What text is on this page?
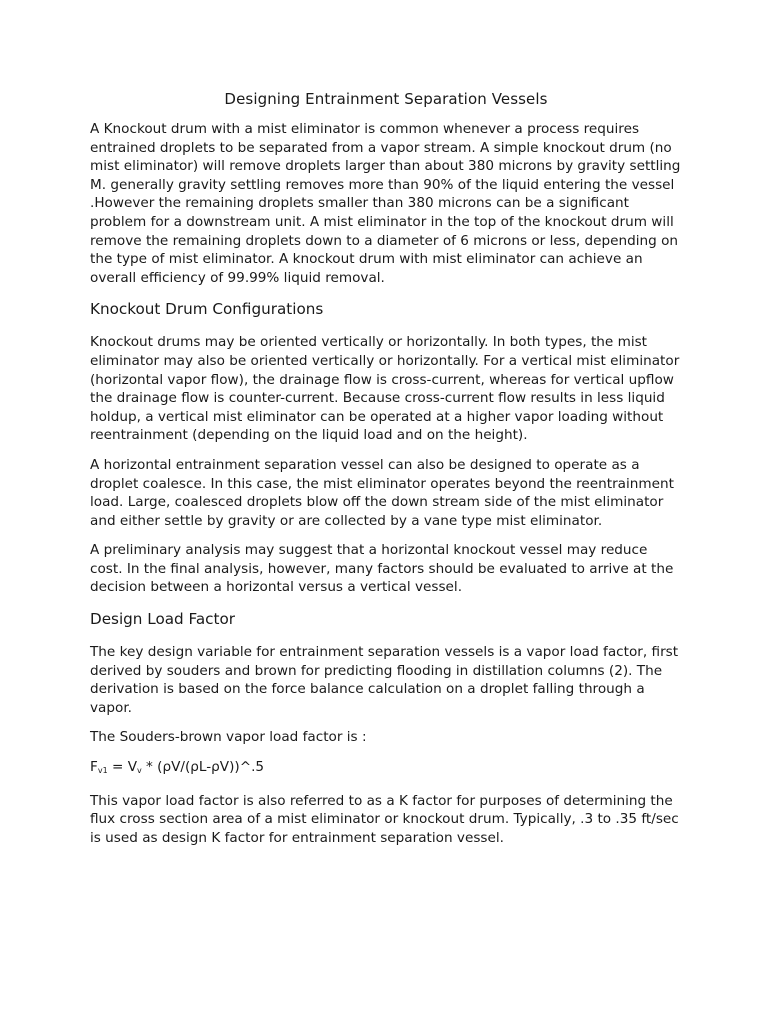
Designing Entrainment Separation Vessels

A Knockout drum with a mist eliminator is common whenever a process requires entrained droplets to be separated from a vapor stream. A simple knockout drum (no mist eliminator) will remove droplets larger than about 380 microns by gravity settling M. generally gravity settling removes more than 90% of the liquid entering the vessel .However the remaining droplets smaller than 380 microns can be a significant problem for a downstream unit. A mist eliminator in the top of the knockout drum will remove the remaining droplets down to a diameter of 6 microns or less, depending on the type of mist eliminator. A knockout drum with mist eliminator can achieve an overall efficiency of 99.99% liquid removal.

Knockout Drum Configurations

Knockout drums may be oriented vertically or horizontally. In both types, the mist eliminator may also be oriented vertically or horizontally. For a vertical mist eliminator (horizontal vapor flow), the drainage flow is cross-current, whereas for vertical upflow the drainage flow is counter-current. Because cross-current flow results in less liquid holdup, a vertical mist eliminator can be operated at a higher vapor loading without reentrainment (depending on the liquid load and on the height).

A horizontal entrainment separation vessel can also be designed to operate as a droplet coalesce. In this case, the mist eliminator operates beyond the reentrainment load. Large, coalesced droplets blow off the down stream side of the mist eliminator and either settle by gravity or are collected by a vane type mist eliminator.

A preliminary analysis may suggest that a horizontal knockout vessel may reduce cost. In the final analysis, however, many factors should be evaluated to arrive at the decision between a horizontal versus a vertical vessel.

Design Load Factor

The key design variable for entrainment separation vessels is a vapor load factor, first derived by souders and brown for predicting flooding in distillation columns (2). The derivation is based on the force balance calculation on a droplet falling through a vapor.

The Souders-brown vapor load factor is :

$F_{v1} = V_v$ * (ρV/(ρL-ρV))^.5

This vapor load factor is also referred to as a K factor for purposes of determining the flux cross section area of a mist eliminator or knockout drum. Typically, .3 to .35 ft/sec is used as design K factor for entrainment separation vessel.
